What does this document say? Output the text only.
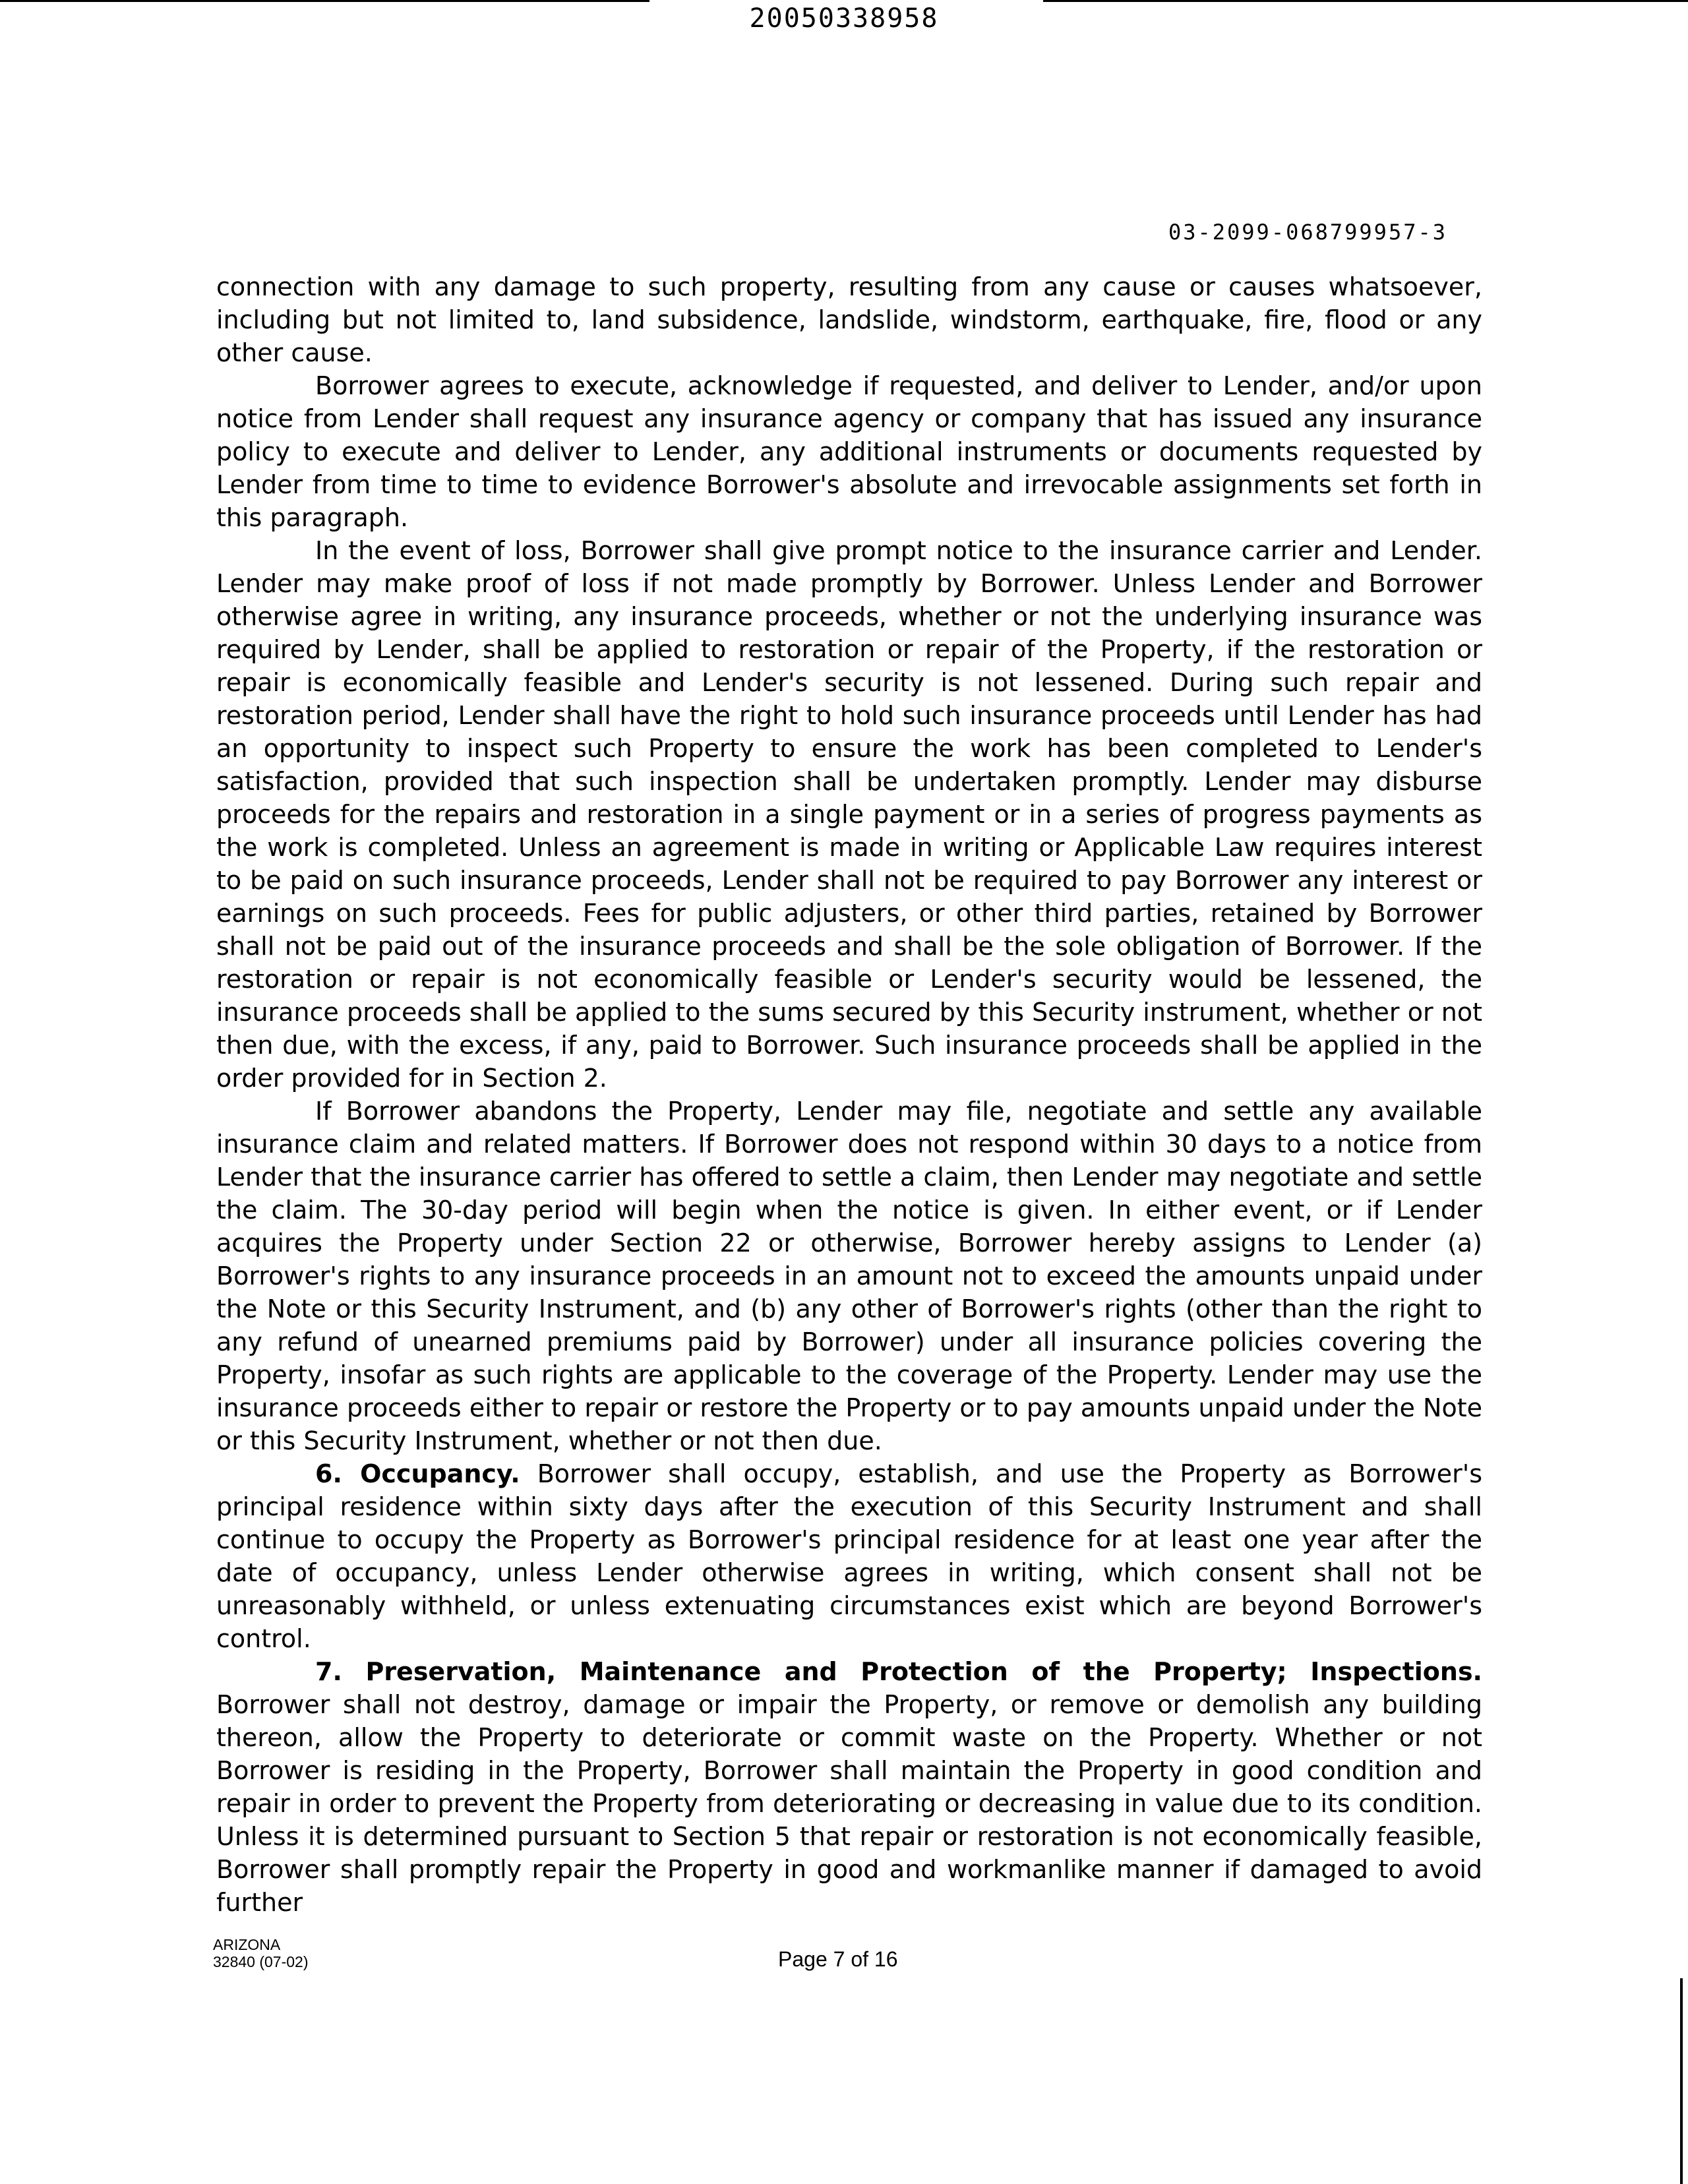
20050338958
03-2099-068799957-3

connection with any damage to such property, resulting from any cause or causes whatsoever, including but not limited to, land subsidence, landslide, windstorm, earthquake, fire, flood or any other cause.

Borrower agrees to execute, acknowledge if requested, and deliver to Lender, and/or upon notice from Lender shall request any insurance agency or company that has issued any insurance policy to execute and deliver to Lender, any additional instruments or documents requested by Lender from time to time to evidence Borrower's absolute and irrevocable assignments set forth in this paragraph.

In the event of loss, Borrower shall give prompt notice to the insurance carrier and Lender. Lender may make proof of loss if not made promptly by Borrower. Unless Lender and Borrower otherwise agree in writing, any insurance proceeds, whether or not the underlying insurance was required by Lender, shall be applied to restoration or repair of the Property, if the restoration or repair is economically feasible and Lender's security is not lessened. During such repair and restoration period, Lender shall have the right to hold such insurance proceeds until Lender has had an opportunity to inspect such Property to ensure the work has been completed to Lender's satisfaction, provided that such inspection shall be undertaken promptly. Lender may disburse proceeds for the repairs and restoration in a single payment or in a series of progress payments as the work is completed. Unless an agreement is made in writing or Applicable Law requires interest to be paid on such insurance proceeds, Lender shall not be required to pay Borrower any interest or earnings on such proceeds. Fees for public adjusters, or other third parties, retained by Borrower shall not be paid out of the insurance proceeds and shall be the sole obligation of Borrower. If the restoration or repair is not economically feasible or Lender's security would be lessened, the insurance proceeds shall be applied to the sums secured by this Security instrument, whether or not then due, with the excess, if any, paid to Borrower. Such insurance proceeds shall be applied in the order provided for in Section 2.

If Borrower abandons the Property, Lender may file, negotiate and settle any available insurance claim and related matters. If Borrower does not respond within 30 days to a notice from Lender that the insurance carrier has offered to settle a claim, then Lender may negotiate and settle the claim. The 30-day period will begin when the notice is given. In either event, or if Lender acquires the Property under Section 22 or otherwise, Borrower hereby assigns to Lender (a) Borrower's rights to any insurance proceeds in an amount not to exceed the amounts unpaid under the Note or this Security Instrument, and (b) any other of Borrower's rights (other than the right to any refund of unearned premiums paid by Borrower) under all insurance policies covering the Property, insofar as such rights are applicable to the coverage of the Property. Lender may use the insurance proceeds either to repair or restore the Property or to pay amounts unpaid under the Note or this Security Instrument, whether or not then due.

6. Occupancy. Borrower shall occupy, establish, and use the Property as Borrower's principal residence within sixty days after the execution of this Security Instrument and shall continue to occupy the Property as Borrower's principal residence for at least one year after the date of occupancy, unless Lender otherwise agrees in writing, which consent shall not be unreasonably withheld, or unless extenuating circumstances exist which are beyond Borrower's control.

7. Preservation, Maintenance and Protection of the Property; Inspections. Borrower shall not destroy, damage or impair the Property, or remove or demolish any building thereon, allow the Property to deteriorate or commit waste on the Property. Whether or not Borrower is residing in the Property, Borrower shall maintain the Property in good condition and repair in order to prevent the Property from deteriorating or decreasing in value due to its condition. Unless it is determined pursuant to Section 5 that repair or restoration is not economically feasible, Borrower shall promptly repair the Property in good and workmanlike manner if damaged to avoid further

ARIZONA
32840 (07-02)	Page 7 of 16
